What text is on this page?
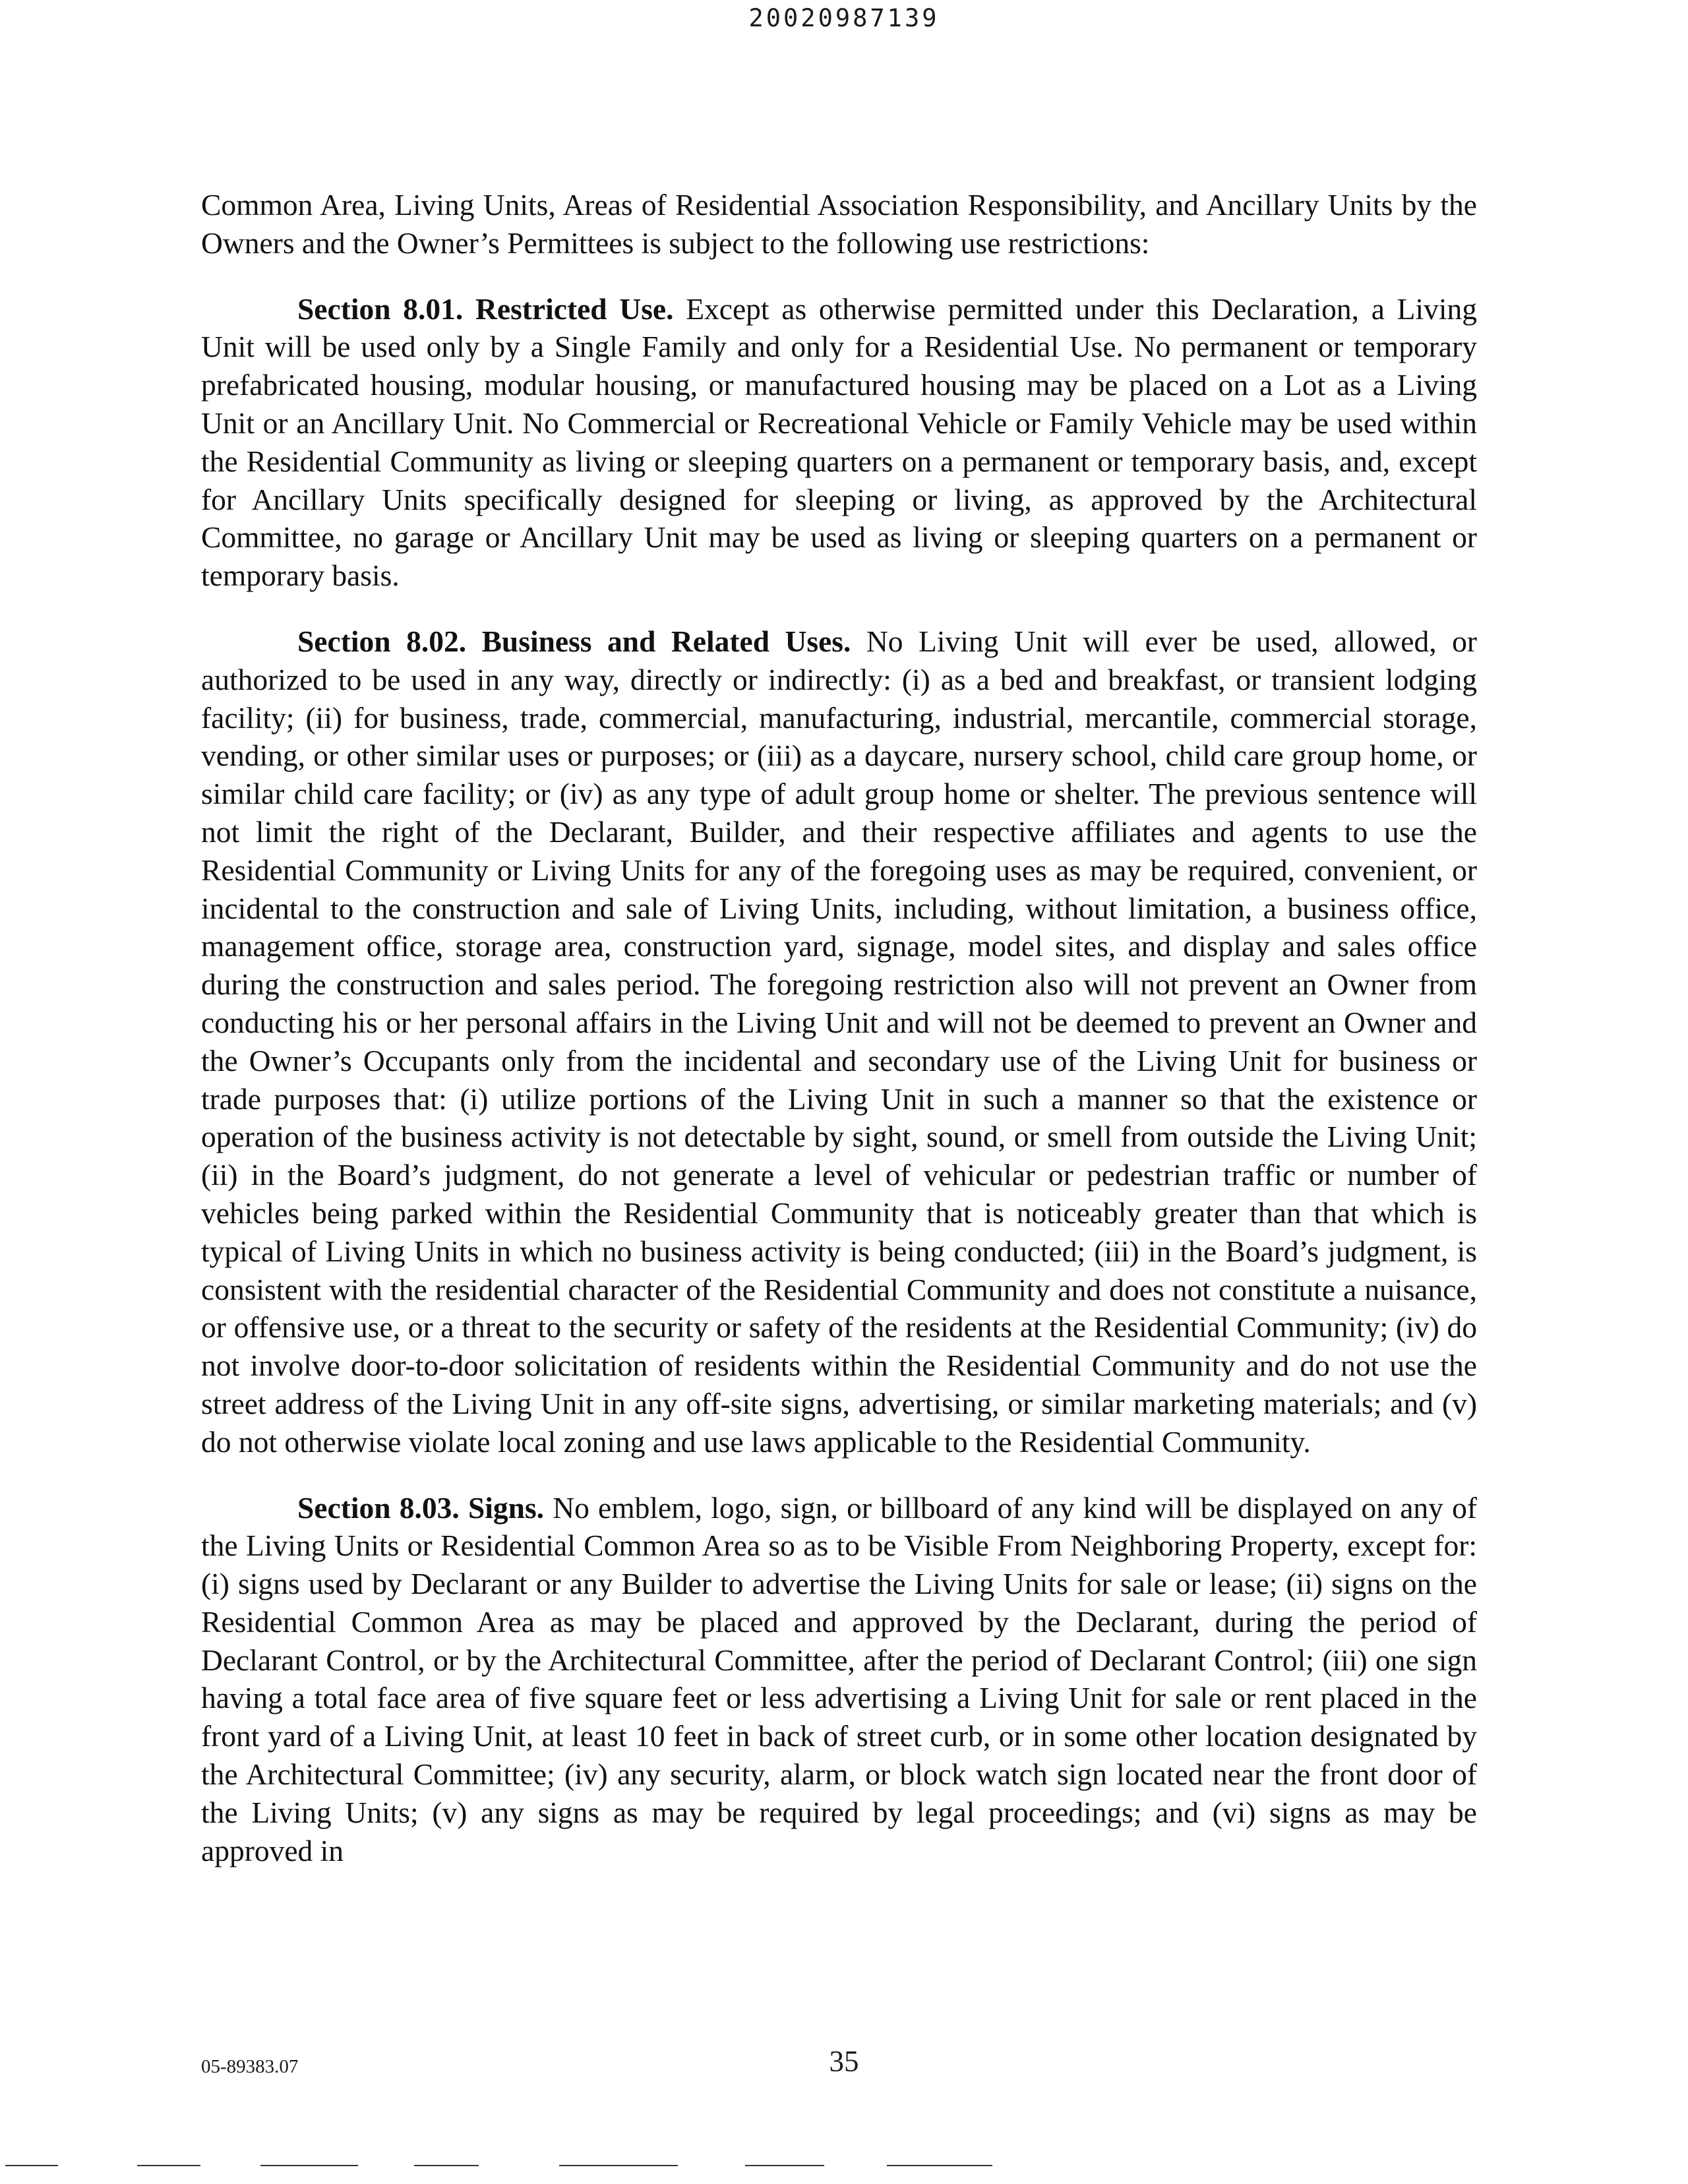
20020987139

Common Area, Living Units, Areas of Residential Association Responsibility, and Ancillary Units by the Owners and the Owner’s Permittees is subject to the following use restrictions:

Section 8.01. Restricted Use. Except as otherwise permitted under this Declaration, a Living Unit will be used only by a Single Family and only for a Residential Use. No permanent or temporary prefabricated housing, modular housing, or manufactured housing may be placed on a Lot as a Living Unit or an Ancillary Unit. No Commercial or Recreational Vehicle or Family Vehicle may be used within the Residential Community as living or sleeping quarters on a permanent or temporary basis, and, except for Ancillary Units specifically designed for sleeping or living, as approved by the Architectural Committee, no garage or Ancillary Unit may be used as living or sleeping quarters on a permanent or temporary basis.

Section 8.02. Business and Related Uses. No Living Unit will ever be used, allowed, or authorized to be used in any way, directly or indirectly: (i) as a bed and breakfast, or transient lodging facility; (ii) for business, trade, commercial, manufacturing, industrial, mercantile, commercial storage, vending, or other similar uses or purposes; or (iii) as a daycare, nursery school, child care group home, or similar child care facility; or (iv) as any type of adult group home or shelter. The previous sentence will not limit the right of the Declarant, Builder, and their respective affiliates and agents to use the Residential Community or Living Units for any of the foregoing uses as may be required, convenient, or incidental to the construction and sale of Living Units, including, without limitation, a business office, management office, storage area, construction yard, signage, model sites, and display and sales office during the construction and sales period. The foregoing restriction also will not prevent an Owner from conducting his or her personal affairs in the Living Unit and will not be deemed to prevent an Owner and the Owner’s Occupants only from the incidental and secondary use of the Living Unit for business or trade purposes that: (i) utilize portions of the Living Unit in such a manner so that the existence or operation of the business activity is not detectable by sight, sound, or smell from outside the Living Unit; (ii) in the Board’s judgment, do not generate a level of vehicular or pedestrian traffic or number of vehicles being parked within the Residential Community that is noticeably greater than that which is typical of Living Units in which no business activity is being conducted; (iii) in the Board’s judgment, is consistent with the residential character of the Residential Community and does not constitute a nuisance, or offensive use, or a threat to the security or safety of the residents at the Residential Community; (iv) do not involve door-to-door solicitation of residents within the Residential Community and do not use the street address of the Living Unit in any off-site signs, advertising, or similar marketing materials; and (v) do not otherwise violate local zoning and use laws applicable to the Residential Community.

Section 8.03. Signs. No emblem, logo, sign, or billboard of any kind will be displayed on any of the Living Units or Residential Common Area so as to be Visible From Neighboring Property, except for: (i) signs used by Declarant or any Builder to advertise the Living Units for sale or lease; (ii) signs on the Residential Common Area as may be placed and approved by the Declarant, during the period of Declarant Control, or by the Architectural Committee, after the period of Declarant Control; (iii) one sign having a total face area of five square feet or less advertising a Living Unit for sale or rent placed in the front yard of a Living Unit, at least 10 feet in back of street curb, or in some other location designated by the Architectural Committee; (iv) any security, alarm, or block watch sign located near the front door of the Living Units; (v) any signs as may be required by legal proceedings; and (vi) signs as may be approved in

05-89383.07	35
